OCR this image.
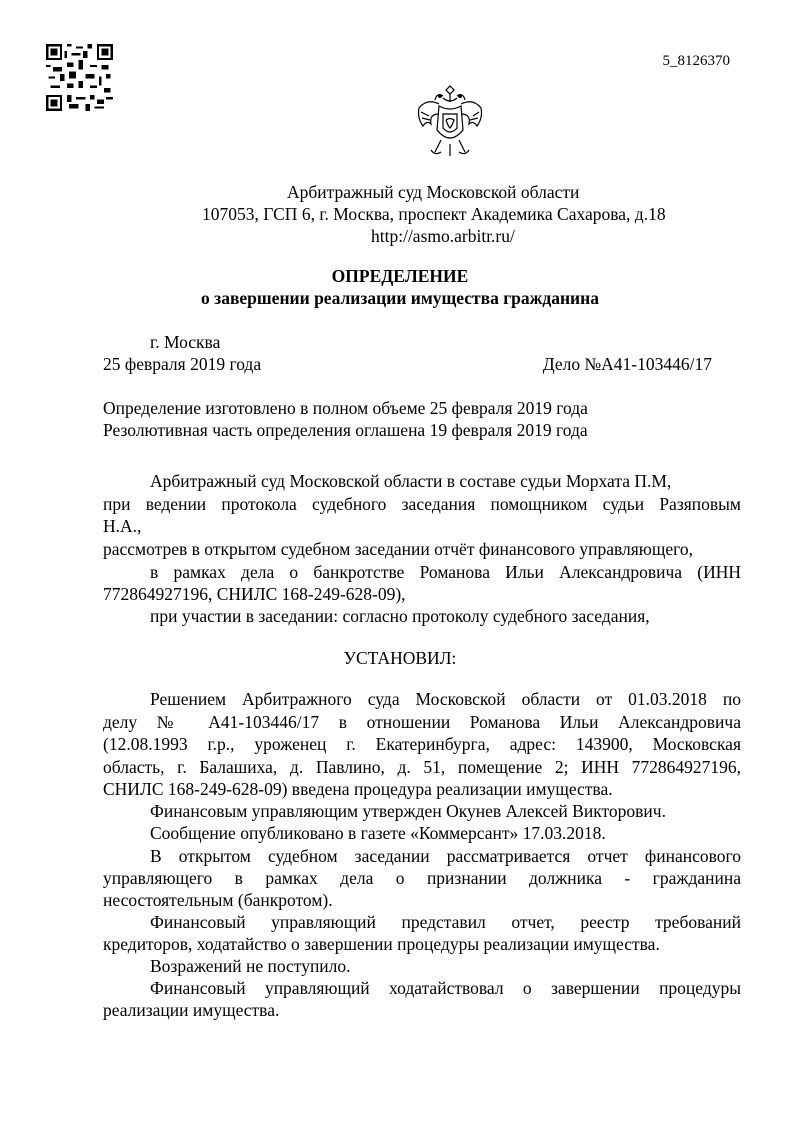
5_8126370
Арбитражный суд Московской области
107053, ГСП 6, г. Москва, проспект Академика Сахарова, д.18
http://asmo.arbitr.ru/
ОПРЕДЕЛЕНИЕ
о завершении реализации имущества гражданина
г. Москва
25 февраля 2019 года	Дело №А41-103446/17
Определение изготовлено в полном объеме 25 февраля 2019 года
Резолютивная часть определения оглашена 19 февраля 2019 года
Арбитражный суд Московской области в составе судьи Морхата П.М,
при ведении протокола судебного заседания помощником судьи Разяповым
Н.А.,
рассмотрев в открытом судебном заседании отчёт финансового управляющего,
в рамках дела о банкротстве Романова Ильи Александровича (ИНН
772864927196, СНИЛС 168-249-628-09),
при участии в заседании: согласно протоколу судебного заседания,
УСТАНОВИЛ:
Решением Арбитражного суда Московской области от 01.03.2018 по
делу № А41-103446/17 в отношении Романова Ильи Александровича
(12.08.1993 г.р., уроженец г. Екатеринбурга, адрес: 143900, Московская
область, г. Балашиха, д. Павлино, д. 51, помещение 2; ИНН 772864927196,
СНИЛС 168-249-628-09) введена процедура реализации имущества.
Финансовым управляющим утвержден Окунев Алексей Викторович.
Сообщение опубликовано в газете «Коммерсант» 17.03.2018.
В открытом судебном заседании рассматривается отчет финансового
управляющего в рамках дела о признании должника - гражданина
несостоятельным (банкротом).
Финансовый управляющий представил отчет, реестр требований
кредиторов, ходатайство о завершении процедуры реализации имущества.
Возражений не поступило.
Финансовый управляющий ходатайствовал о завершении процедуры
реализации имущества.
